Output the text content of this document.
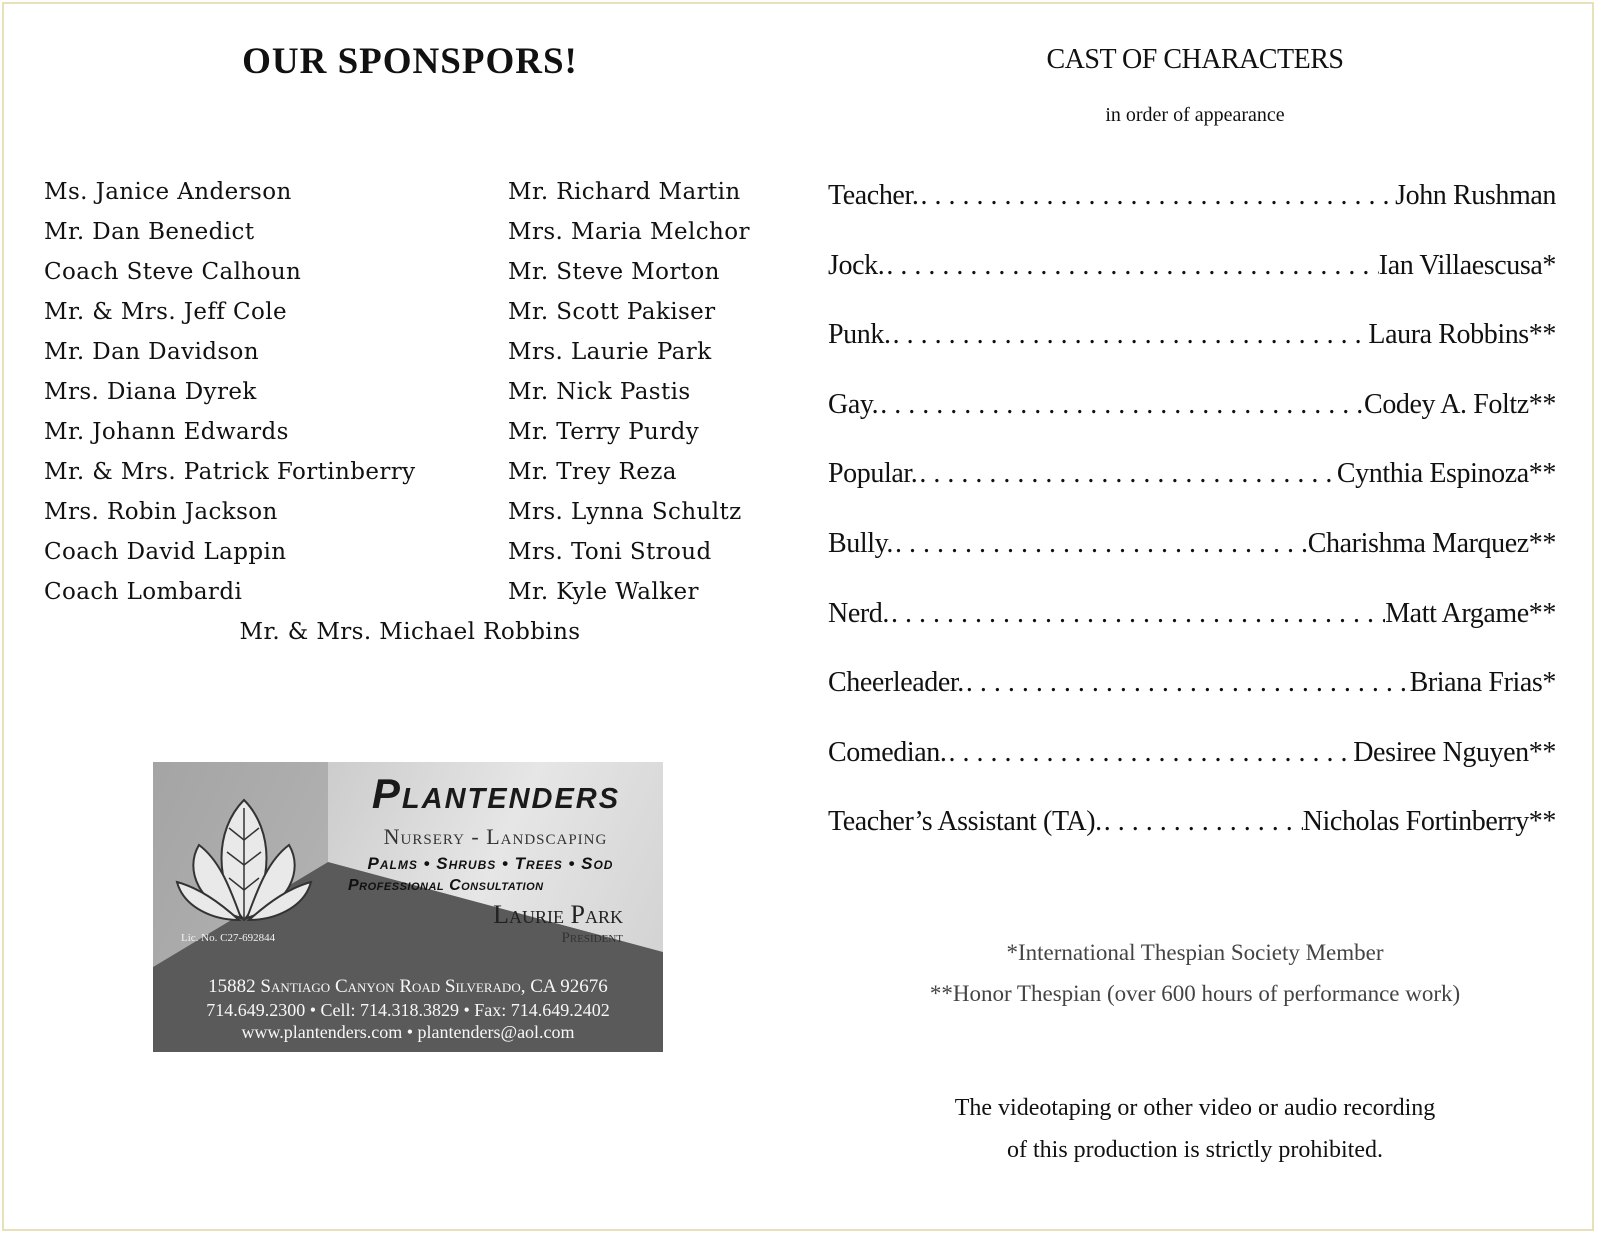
OUR SPONSPORS!
Ms. Janice Anderson
Mr. Dan Benedict
Coach Steve Calhoun
Mr. & Mrs. Jeff Cole
Mr. Dan Davidson
Mrs. Diana Dyrek
Mr. Johann Edwards
Mr. & Mrs. Patrick Fortinberry
Mrs. Robin Jackson
Coach David Lappin
Coach Lombardi
Mr. Richard Martin
Mrs. Maria Melchor
Mr. Steve Morton
Mr. Scott Pakiser
Mrs. Laurie Park
Mr. Nick Pastis
Mr. Terry Purdy
Mr. Trey Reza
Mrs. Lynna Schultz
Mrs. Toni Stroud
Mr. Kyle Walker
Mr. & Mrs. Michael Robbins
Plantenders
Nursery - Landscaping
Palms • Shrubs • Trees • Sod
Professional Consultation
Laurie Park
President
Lic. No. C27-692844
15882 Santiago Canyon Road Silverado, CA 92676
714.649.2300 • Cell: 714.318.3829 • Fax: 714.649.2402
www.plantenders.com • plantenders@aol.com
CAST OF CHARACTERS
in order of appearance
Teacher. . . .	John Rushman
Jock. . . .	Ian Villaescusa*
Punk. . . .	Laura Robbins**
Gay. . . .	Codey A. Foltz**
Popular. . . .	Cynthia Espinoza**
Bully. . . .	Charishma Marquez**
Nerd. . . .	Matt Argame**
Cheerleader. . . .	Briana Frias*
Comedian. . . .	Desiree Nguyen**
Teacher’s Assistant (TA). . . .	Nicholas Fortinberry**
*International Thespian Society Member
**Honor Thespian (over 600 hours of performance work)
The videotaping or other video or audio recording
of this production is strictly prohibited.
